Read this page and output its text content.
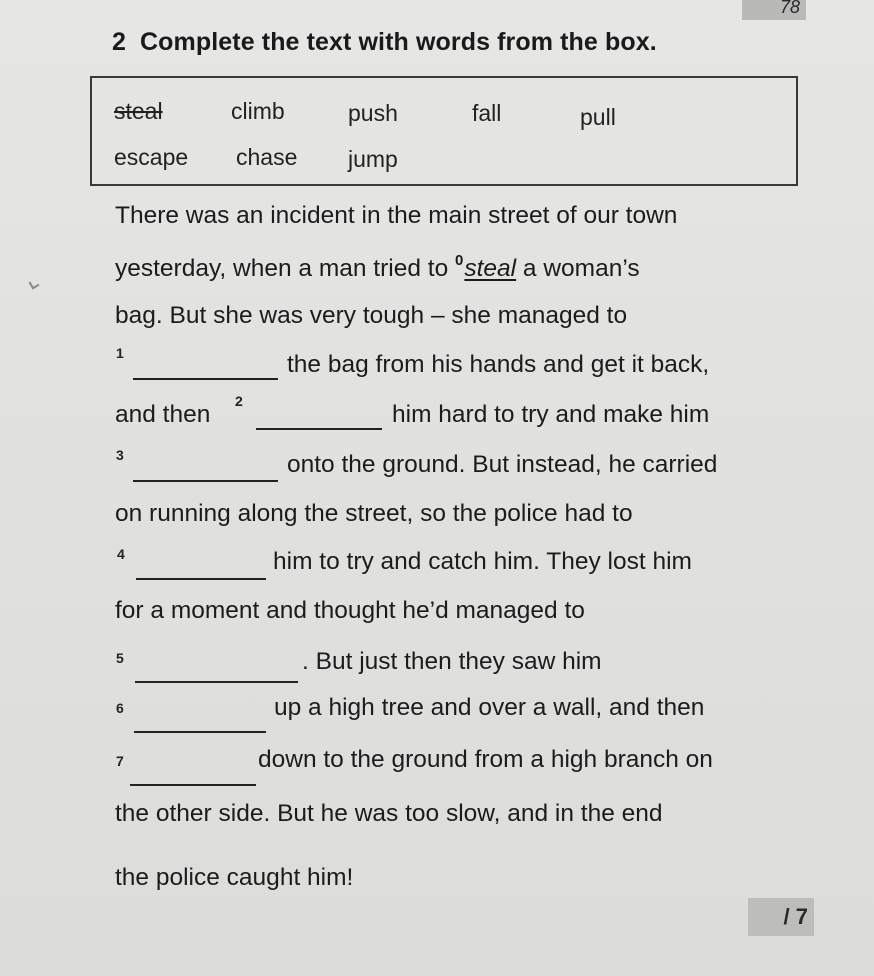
78
2 Complete the text with words from the box.
steal	climb	push	fall	pull
escape chase jump
There was an incident in the main street of our town
yesterday, when a man tried to $^0$steal a woman’s
bag. But she was very tough – she managed to
1	the bag from his hands and get it back,
and then 2	him hard to try and make him
3	onto the ground. But instead, he carried
on running along the street, so the police had to
4	him to try and catch him. They lost him
for a moment and thought he’d managed to
5	. But just then they saw him
6	up a high tree and over a wall, and then
7	down to the ground from a high branch on
the other side. But he was too slow, and in the end
the police caught him!
/ 7
